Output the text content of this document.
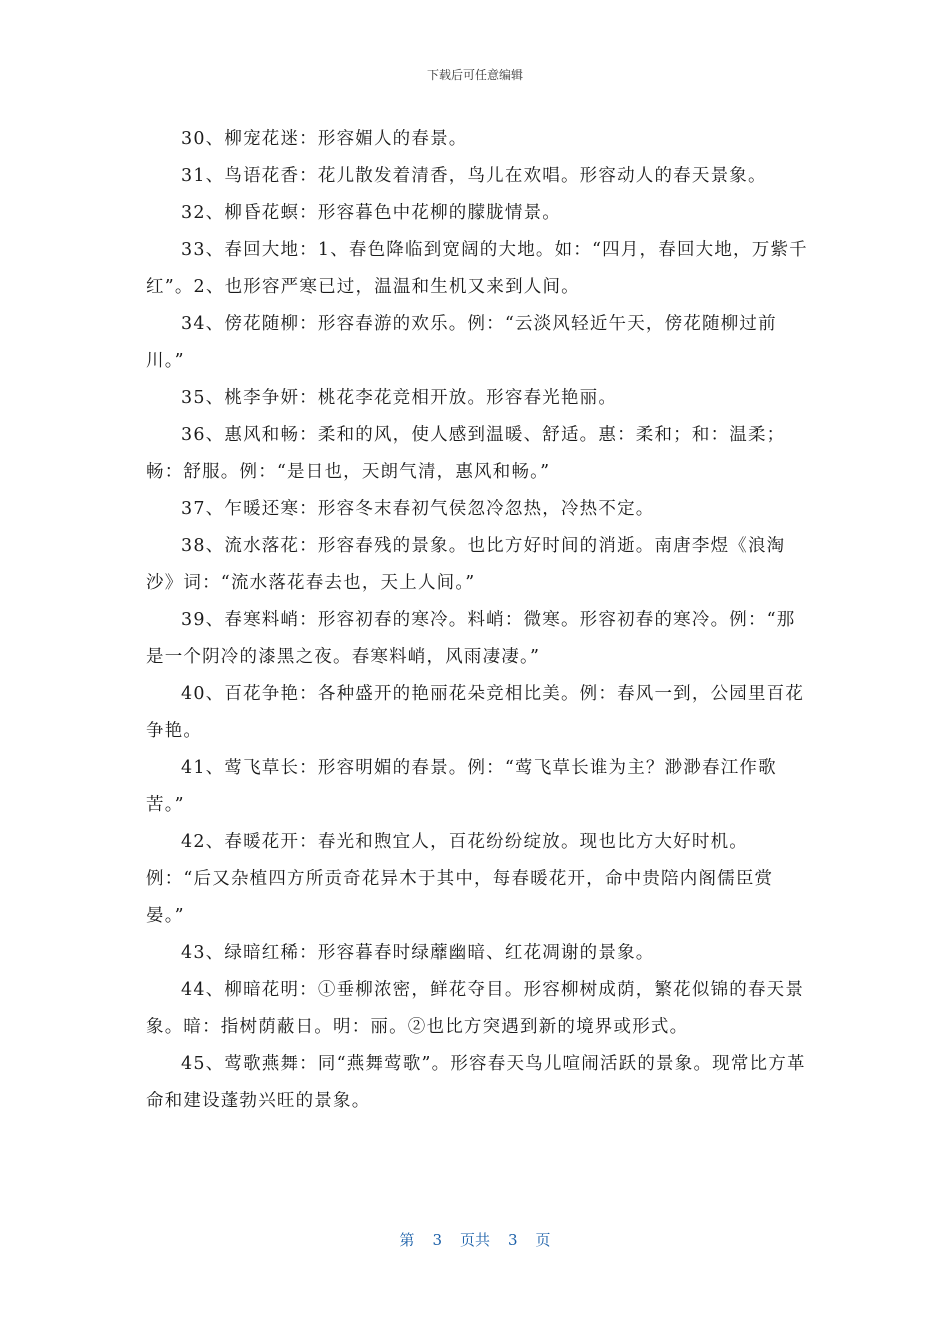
下载后可任意编辑

30、柳宠花迷：形容媚人的春景。

31、鸟语花香：花儿散发着清香，鸟儿在欢唱。形容动人的春天景象。

32、柳昏花螟：形容暮色中花柳的朦胧情景。

33、春回大地：1、春色降临到宽阔的大地。如：“四月，春回大地，万紫千红”。2、也形容严寒已过，温温和生机又来到人间。

34、傍花随柳：形容春游的欢乐。例：“云淡风轻近午天，傍花随柳过前川。”

35、桃李争妍：桃花李花竞相开放。形容春光艳丽。

36、惠风和畅：柔和的风，使人感到温暖、舒适。惠：柔和；和：温柔；畅：舒服。例：“是日也，天朗气清，惠风和畅。”

37、乍暖还寒：形容冬末春初气侯忽冷忽热，冷热不定。

38、流水落花：形容春残的景象。也比方好时间的消逝。南唐李煜《浪淘沙》词：“流水落花春去也，天上人间。”

39、春寒料峭：形容初春的寒冷。料峭：微寒。形容初春的寒冷。例：“那是一个阴冷的漆黑之夜。春寒料峭，风雨凄凄。”

40、百花争艳：各种盛开的艳丽花朵竞相比美。例：春风一到，公园里百花争艳。

41、莺飞草长：形容明媚的春景。例：“莺飞草长谁为主？渺渺春江作歌苦。”

42、春暖花开：春光和煦宜人，百花纷纷绽放。现也比方大好时机。例：“后又杂植四方所贡奇花异木于其中，每春暖花开，命中贵陪内阁儒臣赏晏。”

43、绿暗红稀：形容暮春时绿蘼幽暗、红花凋谢的景象。

44、柳暗花明：①垂柳浓密，鲜花夺目。形容柳树成荫，繁花似锦的春天景象。暗：指树荫蔽日。明：丽。②也比方突遇到新的境界或形式。

45、莺歌燕舞：同“燕舞莺歌”。形容春天鸟儿喧闹活跃的景象。现常比方革命和建设蓬勃兴旺的景象。

第 3 页共 3 页
